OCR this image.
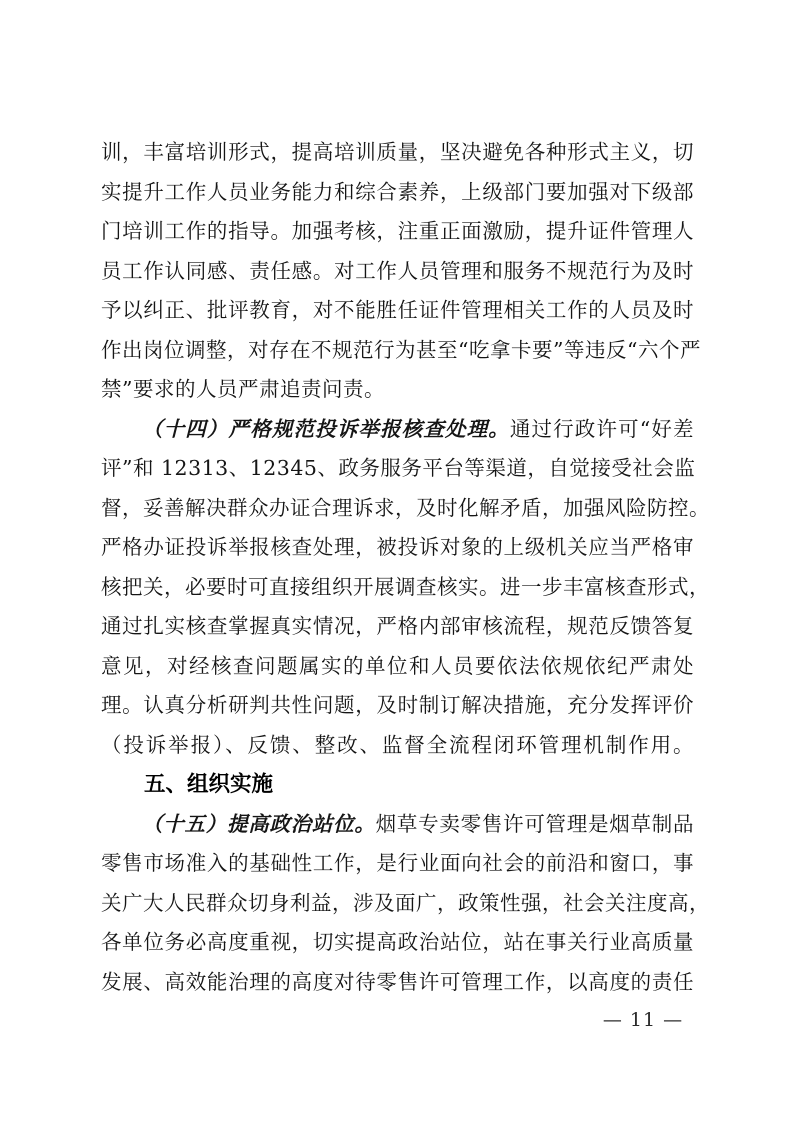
训，丰富培训形式，提高培训质量，坚决避免各种形式主义，切
实提升工作人员业务能力和综合素养，上级部门要加强对下级部
门培训工作的指导。加强考核，注重正面激励，提升证件管理人
员工作认同感、责任感。对工作人员管理和服务不规范行为及时
予以纠正、批评教育，对不能胜任证件管理相关工作的人员及时
作出岗位调整，对存在不规范行为甚至“吃拿卡要”等违反“六个严
禁”要求的人员严肃追责问责。
（十四）严格规范投诉举报核查处理。通过行政许可“好差
评”和 12313、12345、政务服务平台等渠道，自觉接受社会监
督，妥善解决群众办证合理诉求，及时化解矛盾，加强风险防控。
严格办证投诉举报核查处理，被投诉对象的上级机关应当严格审
核把关，必要时可直接组织开展调查核实。进一步丰富核查形式，
通过扎实核查掌握真实情况，严格内部审核流程，规范反馈答复
意见，对经核查问题属实的单位和人员要依法依规依纪严肃处
理。认真分析研判共性问题，及时制订解决措施，充分发挥评价
（投诉举报）、反馈、整改、监督全流程闭环管理机制作用。
五、组织实施
（十五）提高政治站位。烟草专卖零售许可管理是烟草制品
零售市场准入的基础性工作，是行业面向社会的前沿和窗口，事
关广大人民群众切身利益，涉及面广，政策性强，社会关注度高，
各单位务必高度重视，切实提高政治站位，站在事关行业高质量
发展、高效能治理的高度对待零售许可管理工作，以高度的责任
— 11 —
